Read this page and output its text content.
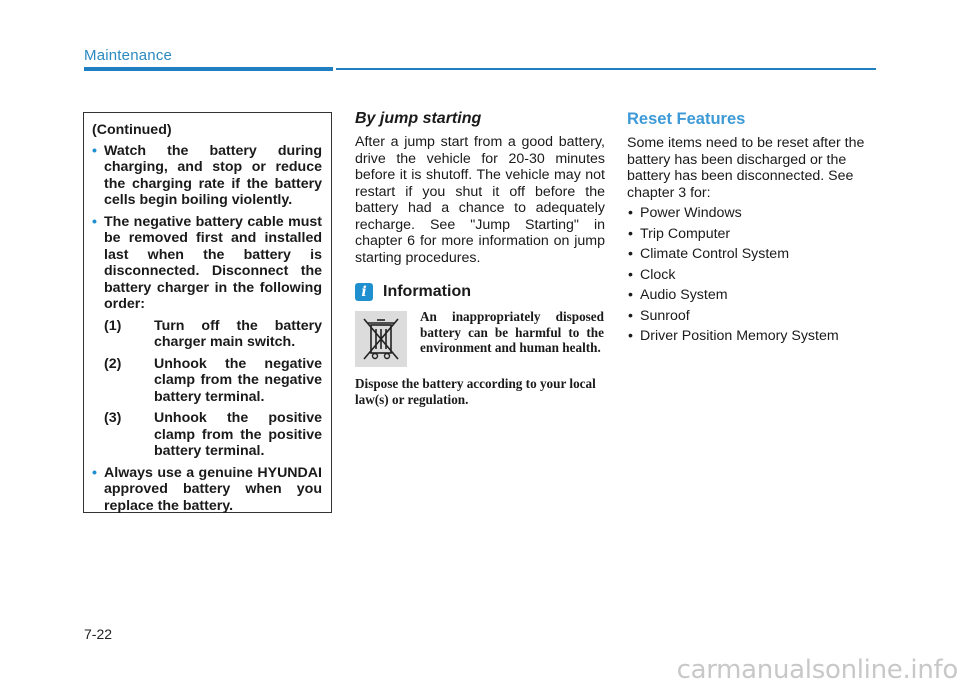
Maintenance
(Continued)
• Watch the battery during charging, and stop or reduce the charging rate if the battery cells begin boiling violently.
• The negative battery cable must be removed first and installed last when the battery is disconnected. Disconnect the battery charger in the following order:
(1) Turn off the battery charger main switch.
(2) Unhook the negative clamp from the negative battery terminal.
(3) Unhook the positive clamp from the positive battery terminal.
• Always use a genuine HYUNDAI approved battery when you replace the battery.
By jump starting
After a jump start from a good battery, drive the vehicle for 20-30 minutes before it is shutoff. The vehicle may not restart if you shut it off before the battery had a chance to adequately recharge. See "Jump Starting" in chapter 6 for more information on jump starting procedures.
i	Information
An inappropriately disposed battery can be harmful to the environment and human health.
Dispose the battery according to your local law(s) or regulation.
Reset Features
Some items need to be reset after the battery has been discharged or the battery has been disconnected. See chapter 3 for:
• Power Windows
• Trip Computer
• Climate Control System
• Clock
• Audio System
• Sunroof
• Driver Position Memory System
7-22
carmanualsonline.info
